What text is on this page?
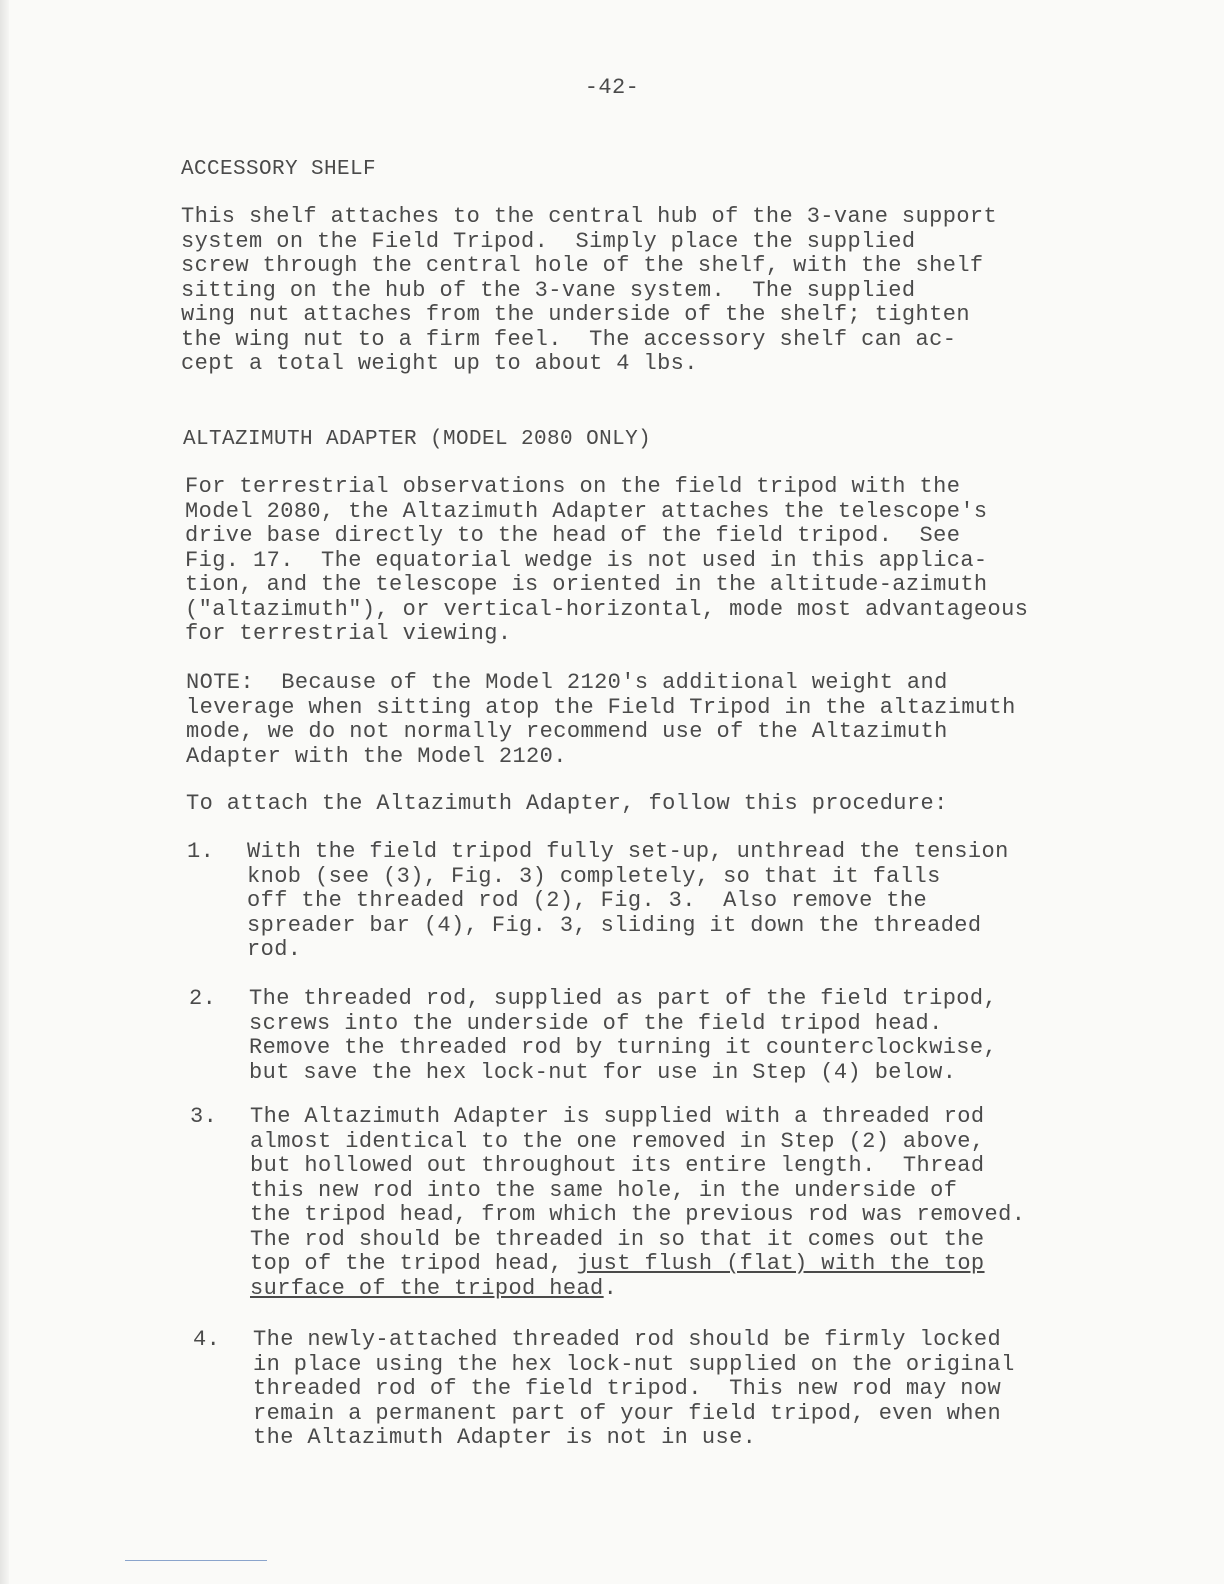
-42-
ACCESSORY SHELF
This shelf attaches to the central hub of the 3-vane support
system on the Field Tripod.  Simply place the supplied
screw through the central hole of the shelf, with the shelf
sitting on the hub of the 3-vane system.  The supplied
wing nut attaches from the underside of the shelf; tighten
the wing nut to a firm feel.  The accessory shelf can ac-
cept a total weight up to about 4 lbs.
ALTAZIMUTH ADAPTER (MODEL 2080 ONLY)
For terrestrial observations on the field tripod with the
Model 2080, the Altazimuth Adapter attaches the telescope's
drive base directly to the head of the field tripod.  See
Fig. 17.  The equatorial wedge is not used in this applica-
tion, and the telescope is oriented in the altitude-azimuth
("altazimuth"), or vertical-horizontal, mode most advantageous
for terrestrial viewing.
NOTE:  Because of the Model 2120's additional weight and
leverage when sitting atop the Field Tripod in the altazimuth
mode, we do not normally recommend use of the Altazimuth
Adapter with the Model 2120.
To attach the Altazimuth Adapter, follow this procedure:
1. With the field tripod fully set-up, unthread the tension
knob (see (3), Fig. 3) completely, so that it falls
off the threaded rod (2), Fig. 3.  Also remove the
spreader bar (4), Fig. 3, sliding it down the threaded
rod.
2. The threaded rod, supplied as part of the field tripod,
screws into the underside of the field tripod head.
Remove the threaded rod by turning it counterclockwise,
but save the hex lock-nut for use in Step (4) below.
3. The Altazimuth Adapter is supplied with a threaded rod
almost identical to the one removed in Step (2) above,
but hollowed out throughout its entire length.  Thread
this new rod into the same hole, in the underside of
the tripod head, from which the previous rod was removed.
The rod should be threaded in so that it comes out the
top of the tripod head, just flush (flat) with the top
surface of the tripod head.
4. The newly-attached threaded rod should be firmly locked
in place using the hex lock-nut supplied on the original
threaded rod of the field tripod.  This new rod may now
remain a permanent part of your field tripod, even when
the Altazimuth Adapter is not in use.
